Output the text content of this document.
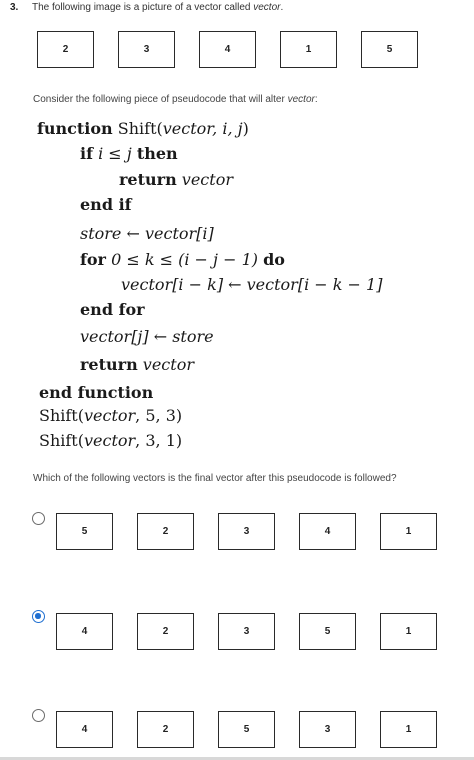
3. The following image is a picture of a vector called vector.
2	3	4	1	5
Consider the following piece of pseudocode that will alter vector:
function Shift(vector, i, j)
if i ≤ j then
return vector
end if
store ← vector[i]
for 0 ≤ k ≤ (i − j − 1) do
vector[i − k] ← vector[i − k − 1]
end for
vector[j] ← store
return vector
end function
Shift(vector, 5, 3)
Shift(vector, 3, 1)
Which of the following vectors is the final vector after this pseudocode is followed?
5	2	3	4	1
4	2	3	5	1
4	2	5	3	1
